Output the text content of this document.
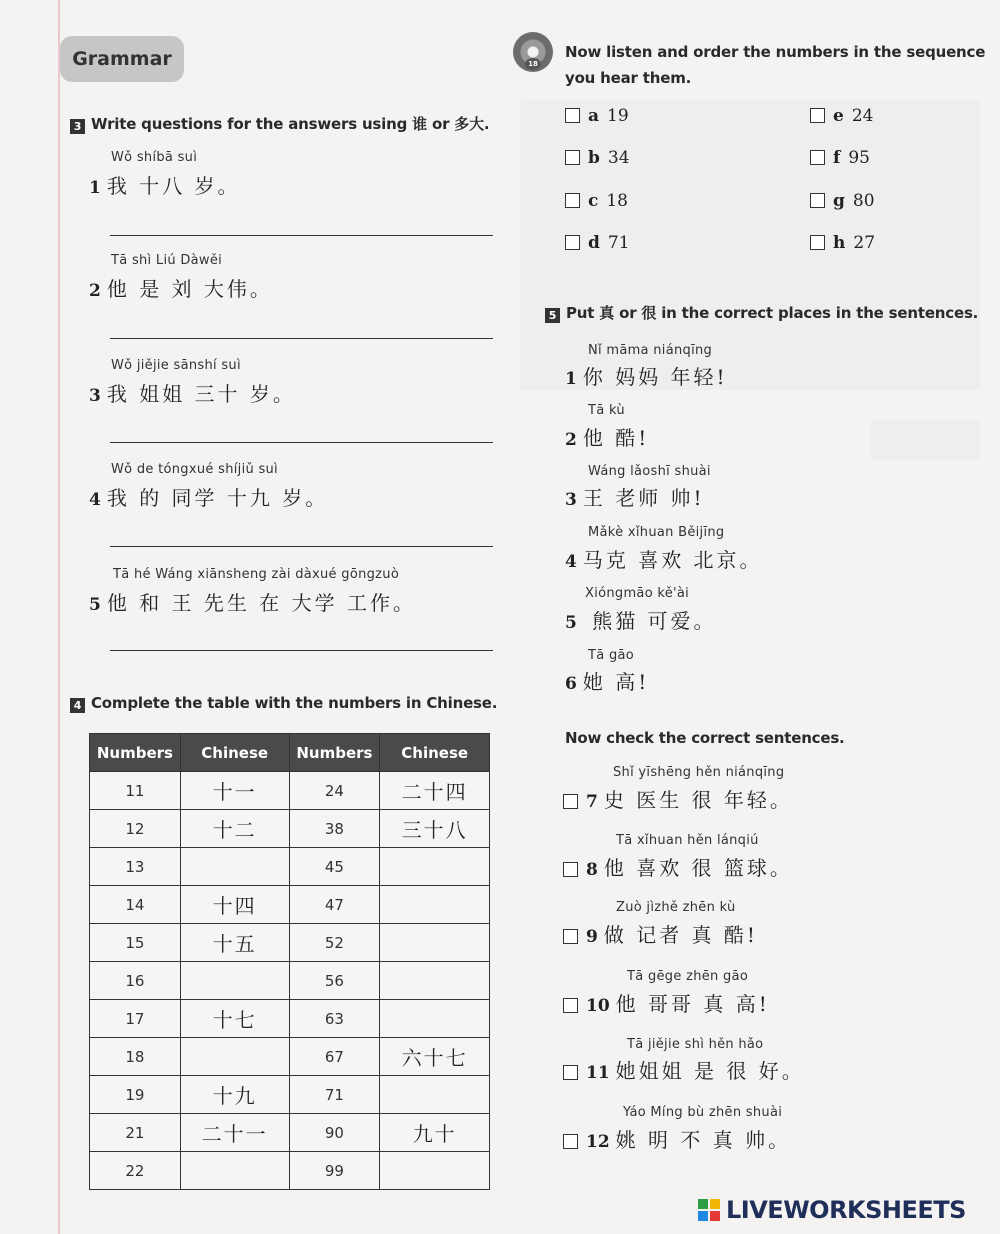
Grammar
3 Write questions for the answers using 谁 or 多大.
Wǒ shíbā suì
1 我 十八 岁。
Tā shì Liú Dàwěi
2 他 是 刘 大伟。
Wǒ jiějie sānshí suì
3 我 姐姐 三十 岁。
Wǒ de tóngxué shíjiǔ suì
4 我 的 同学 十九 岁。
Tā hé Wáng xiānsheng zài dàxué gōngzuò
5 他 和 王 先生 在 大学 工作。
4 Complete the table with the numbers in Chinese.
Numbers	Chinese	Numbers	Chinese
11	十一	24	二十四
12	十二	38	三十八
13		45	
14	十四	47	
15	十五	52	
16		56	
17	十七	63	
18		67	六十七
19	十九	71	
21	二十一	90	九十
22		99	
18
Now listen and order the numbers in the sequence
you hear them.
a 19	e 24
b 34	f 95
c 18	g 80
d 71	h 27
5 Put 真 or 很 in the correct places in the sentences.
Nǐ māma niánqīng
1 你 妈妈 年轻!
Tā kù
2 他 酷!
Wáng lǎoshī shuài
3 王 老师 帅!
Mǎkè xǐhuan Běijīng
4 马克 喜欢 北京。
Xióngmāo kě'ài
5 熊猫 可爱。
Tā gāo
6 她 高!
Now check the correct sentences.
Shǐ yīshēng hěn niánqīng
7 史 医生 很 年轻。
Tā xǐhuan hěn lánqiú
8 他 喜欢 很 篮球。
Zuò jìzhě zhēn kù
9 做 记者 真 酷!
Tā gēge zhēn gāo
10 他 哥哥 真 高!
Tā jiějie shì hěn hǎo
11 她姐姐 是 很 好。
Yáo Míng bù zhēn shuài
12 姚 明 不 真 帅。
LIVEWORKSHEETS
